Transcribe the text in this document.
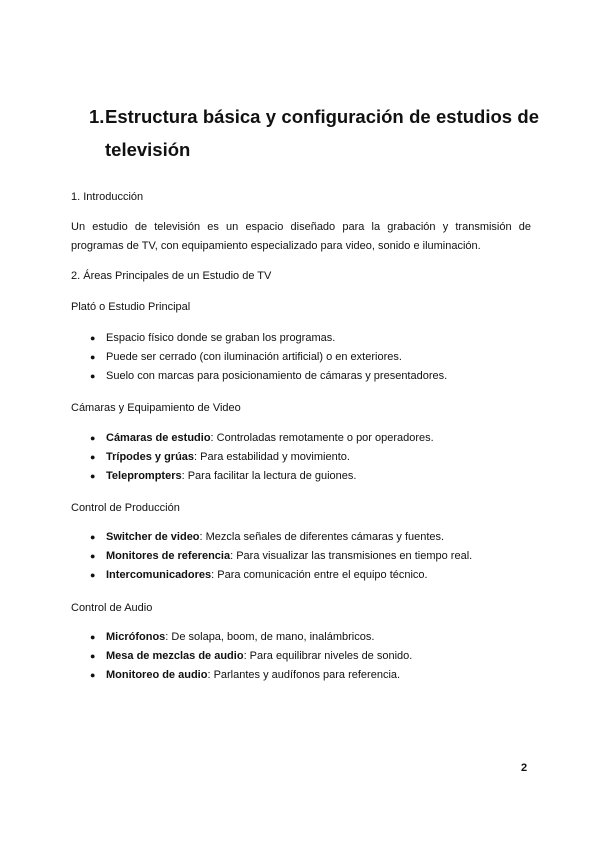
1. Estructura básica y configuración de estudios de televisión
1. Introducción
Un estudio de televisión es un espacio diseñado para la grabación y transmisión de programas de TV, con equipamiento especializado para video, sonido e iluminación.
2. Áreas Principales de un Estudio de TV
Plató o Estudio Principal
● Espacio físico donde se graban los programas.
● Puede ser cerrado (con iluminación artificial) o en exteriores.
● Suelo con marcas para posicionamiento de cámaras y presentadores.
Cámaras y Equipamiento de Video
● Cámaras de estudio: Controladas remotamente o por operadores.
● Trípodes y grúas: Para estabilidad y movimiento.
● Teleprompters: Para facilitar la lectura de guiones.
Control de Producción
● Switcher de video: Mezcla señales de diferentes cámaras y fuentes.
● Monitores de referencia: Para visualizar las transmisiones en tiempo real.
● Intercomunicadores: Para comunicación entre el equipo técnico.
Control de Audio
● Micrófonos: De solapa, boom, de mano, inalámbricos.
● Mesa de mezclas de audio: Para equilibrar niveles de sonido.
● Monitoreo de audio: Parlantes y audífonos para referencia.
2
